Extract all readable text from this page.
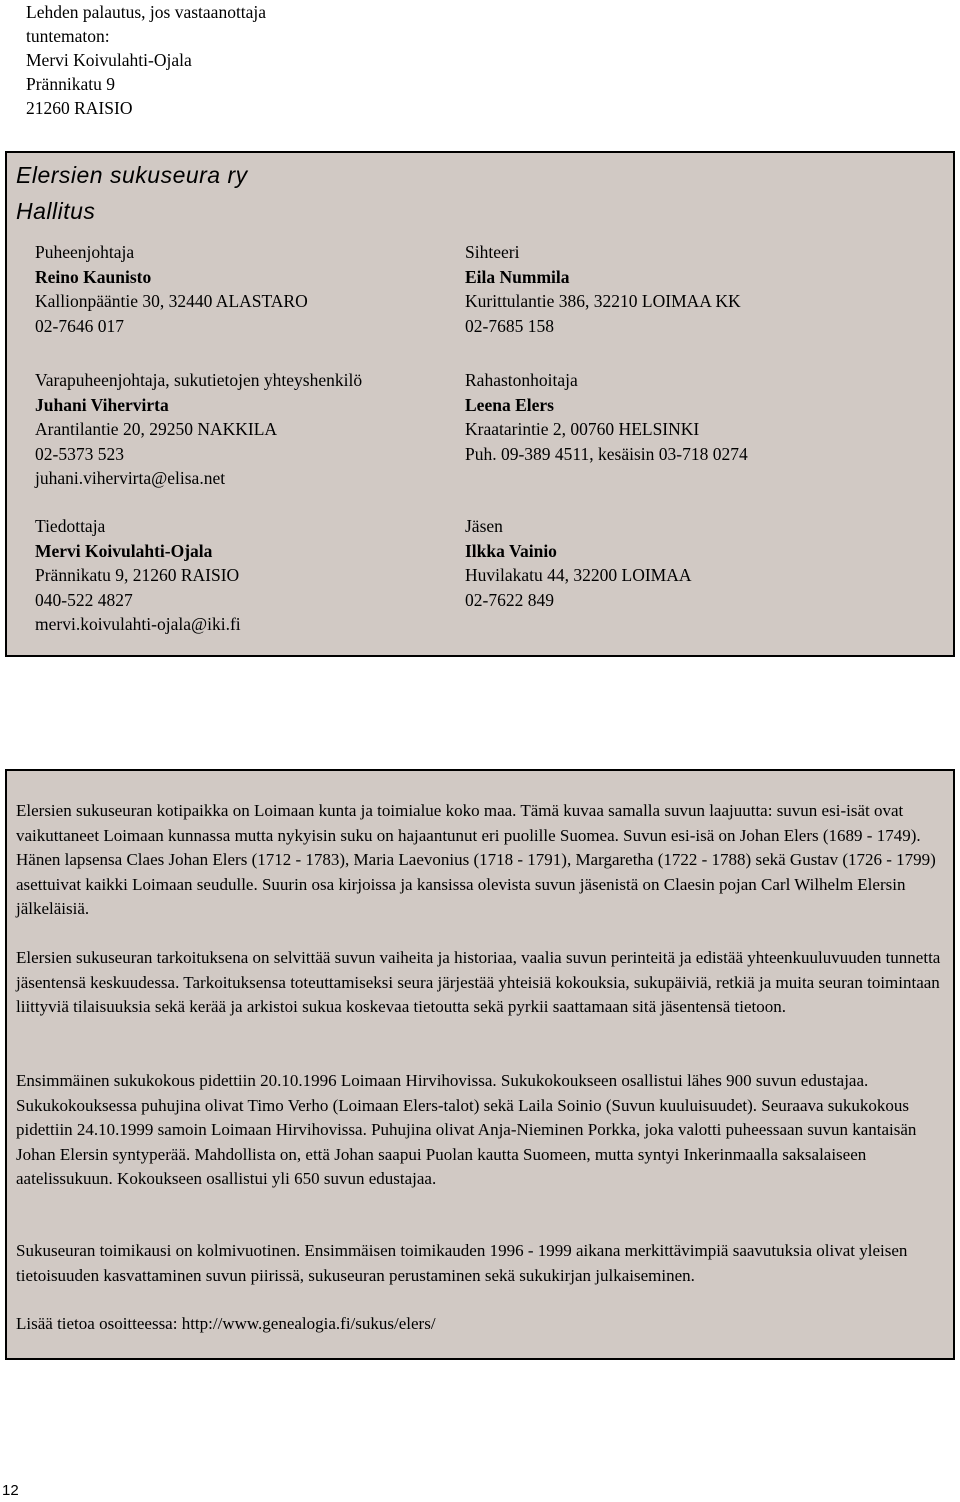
Lehden palautus, jos vastaanottaja
tuntematon:
Mervi Koivulahti-Ojala
Prännikatu 9
21260 RAISIO
Elersien sukuseura ry
Hallitus
Puheenjohtaja
Reino Kaunisto
Kallionpääntie 30, 32440 ALASTARO
02-7646 017
Sihteeri
Eila Nummila
Kurittulantie 386, 32210 LOIMAA KK
02-7685 158
Varapuheenjohtaja, sukutietojen yhteyshenkilö
Juhani Vihervirta
Arantilantie 20, 29250 NAKKILA
02-5373 523
juhani.vihervirta@elisa.net
Rahastonhoitaja
Leena Elers
Kraatarintie 2, 00760 HELSINKI
Puh. 09-389 4511, kesäisin 03-718 0274
Tiedottaja
Mervi Koivulahti-Ojala
Prännikatu 9, 21260 RAISIO
040-522 4827
mervi.koivulahti-ojala@iki.fi
Jäsen
Ilkka Vainio
Huvilakatu 44, 32200 LOIMAA
02-7622 849
Elersien sukuseuran kotipaikka on Loimaan kunta ja toimialue koko maa. Tämä kuvaa samalla suvun laajuutta: suvun esi-isät ovat vaikuttaneet Loimaan kunnassa mutta nykyisin suku on hajaantunut eri puolille Suomea. Suvun esi-isä on Johan Elers (1689 - 1749). Hänen lapsensa Claes Johan Elers (1712 - 1783), Maria Laevonius (1718 - 1791), Margaretha (1722 - 1788) sekä Gustav (1726 - 1799) asettuivat kaikki Loimaan seudulle. Suurin osa kirjoissa ja kansissa olevista suvun jäsenistä on Claesin pojan Carl Wilhelm Elersin jälkeläisiä.
Elersien sukuseuran tarkoituksena on selvittää suvun vaiheita ja historiaa, vaalia suvun perinteitä ja edistää yhteenkuuluvuuden tunnetta jäsentensä keskuudessa. Tarkoituksensa toteuttamiseksi seura järjestää yhteisiä kokouksia, sukupäiviä, retkiä ja muita seuran toimintaan liittyviä tilaisuuksia sekä kerää ja arkistoi sukua koskevaa tietoutta sekä pyrkii saattamaan sitä jäsentensä tietoon.
Ensimmäinen sukukokous pidettiin 20.10.1996 Loimaan Hirvihovissa. Sukukokoukseen osallistui lähes 900 suvun edustajaa. Sukukokouksessa puhujina olivat Timo Verho (Loimaan Elers-talot) sekä Laila Soinio (Suvun kuuluisuudet). Seuraava sukukokous pidettiin 24.10.1999 samoin Loimaan Hirvihovissa. Puhujina olivat Anja-Nieminen Porkka, joka valotti puheessaan suvun kantaisän Johan Elersin syntyperää. Mahdollista on, että Johan saapui Puolan kautta Suomeen, mutta syntyi Inkerinmaalla saksalaiseen aatelissukuun. Kokoukseen osallistui yli 650 suvun edustajaa.
Sukuseuran toimikausi on kolmivuotinen. Ensimmäisen toimikauden 1996 - 1999 aikana merkittävimpiä saavutuksia olivat yleisen tietoisuuden kasvattaminen suvun piirissä, sukuseuran perustaminen sekä sukukirjan julkaiseminen.
Lisää tietoa osoitteessa: http://www.genealogia.fi/sukus/elers/
12
